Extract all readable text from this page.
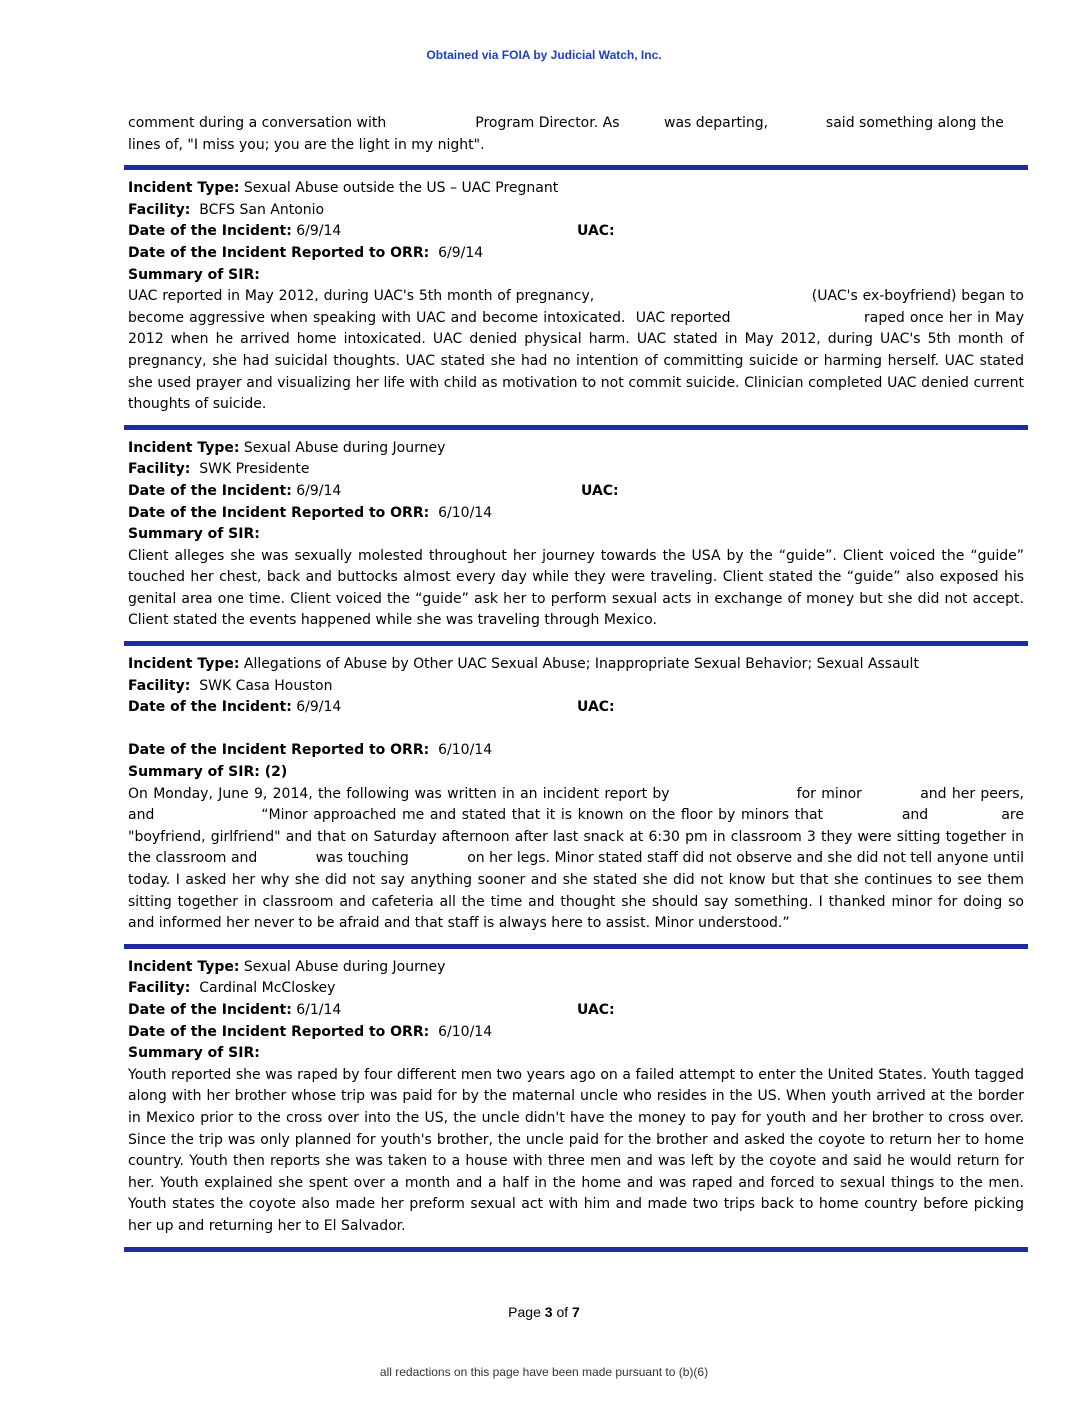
Obtained via FOIA by Judicial Watch, Inc.

comment during a conversation with                    Program Director. As          was departing,             said something along the lines of, "I miss you; you are the light in my night".

Incident Type: Sexual Abuse outside the US – UAC Pregnant
Facility: BCFS San Antonio
Date of the Incident: 6/9/14	UAC:
Date of the Incident Reported to ORR: 6/9/14
Summary of SIR:

UAC reported in May 2012, during UAC's 5th month of pregnancy,                                             (UAC's ex-boyfriend) began to become aggressive when speaking with UAC and become intoxicated.  UAC reported                          raped once her in May 2012 when he arrived home intoxicated. UAC denied physical harm. UAC stated in May 2012, during UAC's 5th month of pregnancy, she had suicidal thoughts. UAC stated she had no intention of committing suicide or harming herself. UAC stated she used prayer and visualizing her life with child as motivation to not commit suicide. Clinician completed UAC denied current thoughts of suicide.

Incident Type: Sexual Abuse during Journey
Facility: SWK Presidente
Date of the Incident: 6/9/14	UAC:
Date of the Incident Reported to ORR: 6/10/14
Summary of SIR:

Client alleges she was sexually molested throughout her journey towards the USA by the “guide”. Client voiced the “guide” touched her chest, back and buttocks almost every day while they were traveling. Client stated the “guide” also exposed his genital area one time. Client voiced the “guide” ask her to perform sexual acts in exchange of money but she did not accept. Client stated the events happened while she was traveling through Mexico.

Incident Type: Allegations of Abuse by Other UAC Sexual Abuse; Inappropriate Sexual Behavior; Sexual Assault
Facility: SWK Casa Houston
Date of the Incident: 6/9/14	UAC:
Date of the Incident Reported to ORR: 6/10/14
Summary of SIR: (2)

On Monday, June 9, 2014, the following was written in an incident report by                        for minor           and her peers,              and                   “Minor approached me and stated that it is known on the floor by minors that              and             are "boyfriend, girlfriend" and that on Saturday afternoon after last snack at 6:30 pm in classroom 3 they were sitting together in the classroom and             was touching             on her legs. Minor stated staff did not observe and she did not tell anyone until today. I asked her why she did not say anything sooner and she stated she did not know but that she continues to see them sitting together in classroom and cafeteria all the time and thought she should say something. I thanked minor for doing so and informed her never to be afraid and that staff is always here to assist. Minor understood.”

Incident Type: Sexual Abuse during Journey
Facility: Cardinal McCloskey
Date of the Incident: 6/1/14	UAC:
Date of the Incident Reported to ORR: 6/10/14
Summary of SIR:

Youth reported she was raped by four different men two years ago on a failed attempt to enter the United States. Youth tagged along with her brother whose trip was paid for by the maternal uncle who resides in the US. When youth arrived at the border in Mexico prior to the cross over into the US, the uncle didn't have the money to pay for youth and her brother to cross over. Since the trip was only planned for youth's brother, the uncle paid for the brother and asked the coyote to return her to home country. Youth then reports she was taken to a house with three men and was left by the coyote and said he would return for her. Youth explained she spent over a month and a half in the home and was raped and forced to sexual things to the men. Youth states the coyote also made her preform sexual act with him and made two trips back to home country before picking her up and returning her to El Salvador.

Page 3 of 7
all redactions on this page have been made pursuant to (b)(6)
